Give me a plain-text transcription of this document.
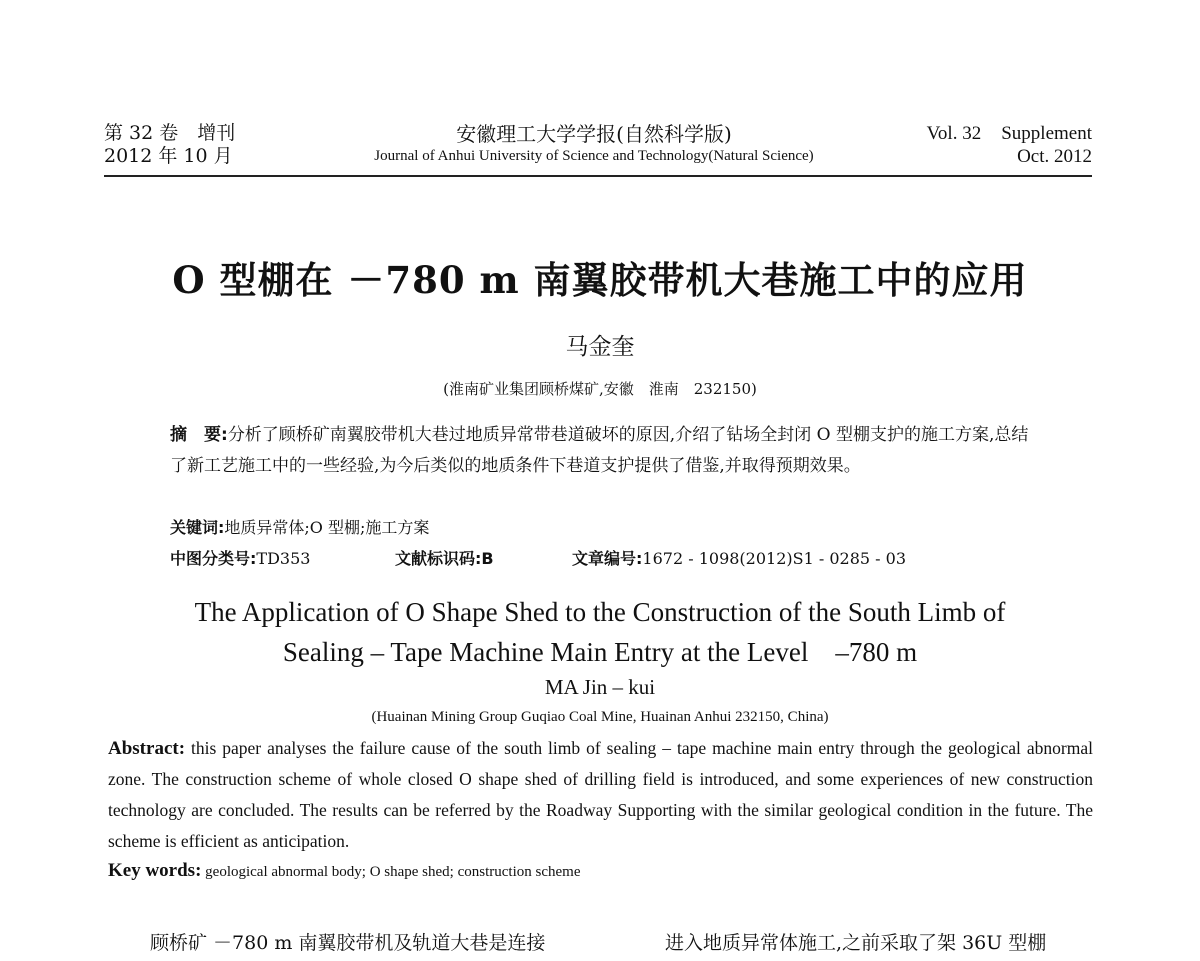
第 32 卷　增刊
2012 年 10 月
安徽理工大学学报(自然科学版)
Journal of Anhui University of Science and Technology(Natural Science)
Vol. 32 Supplement
Oct. 2012
O 型棚在 －780 m 南翼胶带机大巷施工中的应用
马金奎
(淮南矿业集团顾桥煤矿,安徽　淮南　232150)
摘　要:分析了顾桥矿南翼胶带机大巷过地质异常带巷道破坏的原因,介绍了钻场全封闭 O 型棚支护的施工方案,总结了新工艺施工中的一些经验,为今后类似的地质条件下巷道支护提供了借鉴,并取得预期效果。
关键词:地质异常体;O 型棚;施工方案
中图分类号:TD353	文献标识码:B	文章编号:1672 - 1098(2012)S1 - 0285 - 03
The Application of O Shape Shed to the Construction of the South Limb of
Sealing – Tape Machine Main Entry at the Level　–780 m
MA Jin – kui
(Huainan Mining Group Guqiao Coal Mine, Huainan Anhui 232150, China)
Abstract: this paper analyses the failure cause of the south limb of sealing – tape machine main entry through the geological abnormal zone. The construction scheme of whole closed O shape shed of drilling field is introduced, and some experiences of new construction technology are concluded. The results can be referred by the Roadway Supporting with the similar geological condition in the future. The scheme is efficient as anticipation.
Key words: geological abnormal body; O shape shed; construction scheme
顾桥矿 －780 m 南翼胶带机及轨道大巷是连接	进入地质异常体施工,之前采取了架 36U 型棚
